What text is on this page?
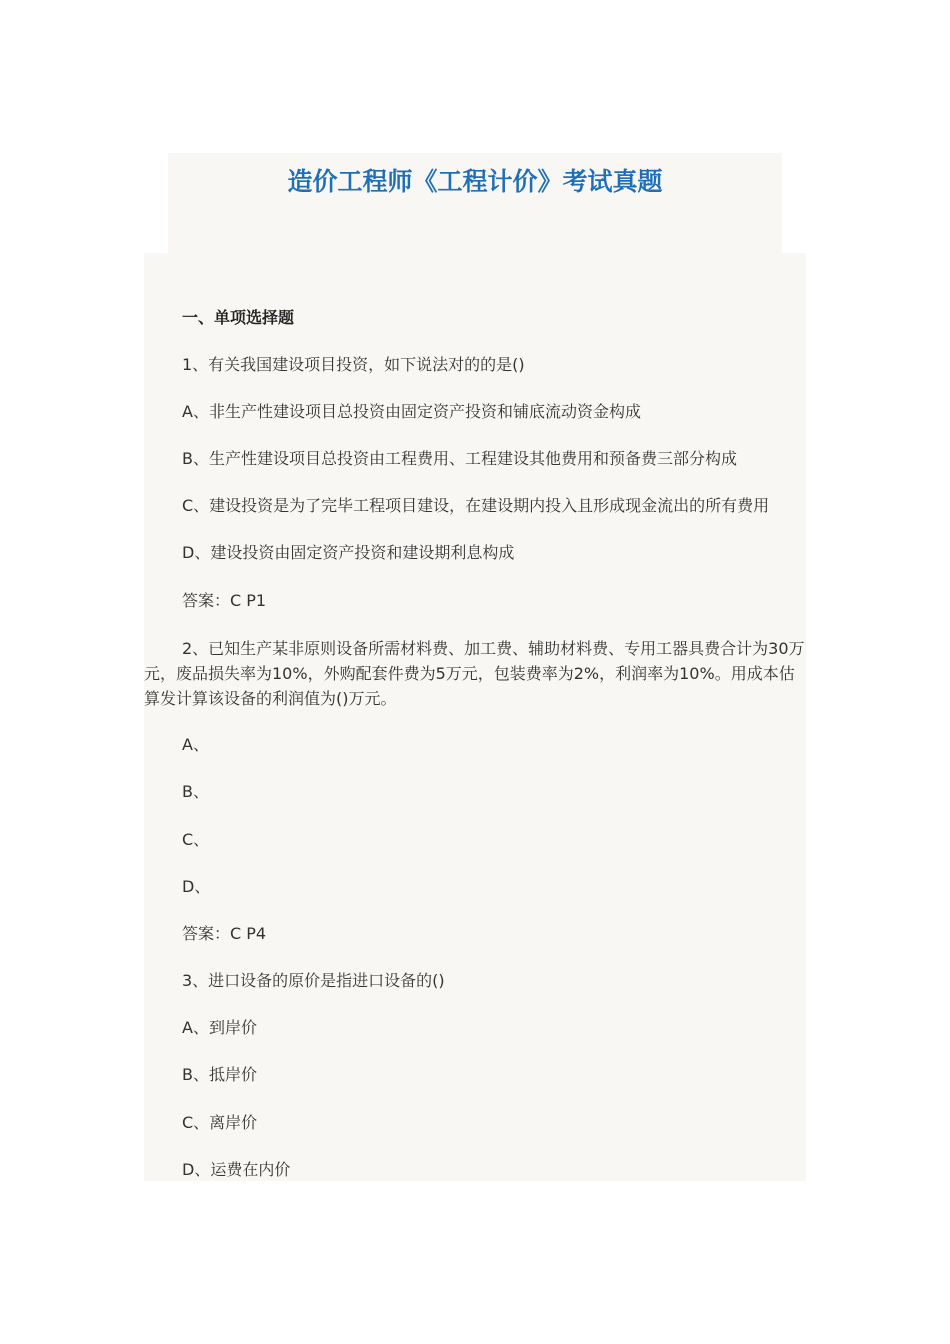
造价工程师《工程计价》考试真题
一、单项选择题
1、有关我国建设项目投资，如下说法对的的是()
A、非生产性建设项目总投资由固定资产投资和铺底流动资金构成
B、生产性建设项目总投资由工程费用、工程建设其他费用和预备费三部分构成
C、建设投资是为了完毕工程项目建设，在建设期内投入且形成现金流出的所有费用
D、建设投资由固定资产投资和建设期利息构成
答案：C P1
2、已知生产某非原则设备所需材料费、加工费、辅助材料费、专用工器具费合计为30万元，废品损失率为10%，外购配套件费为5万元，包装费率为2%，利润率为10%。用成本估算发计算该设备的利润值为()万元。
A、
B、
C、
D、
答案：C P4
3、进口设备的原价是指进口设备的()
A、到岸价
B、抵岸价
C、离岸价
D、运费在内价
